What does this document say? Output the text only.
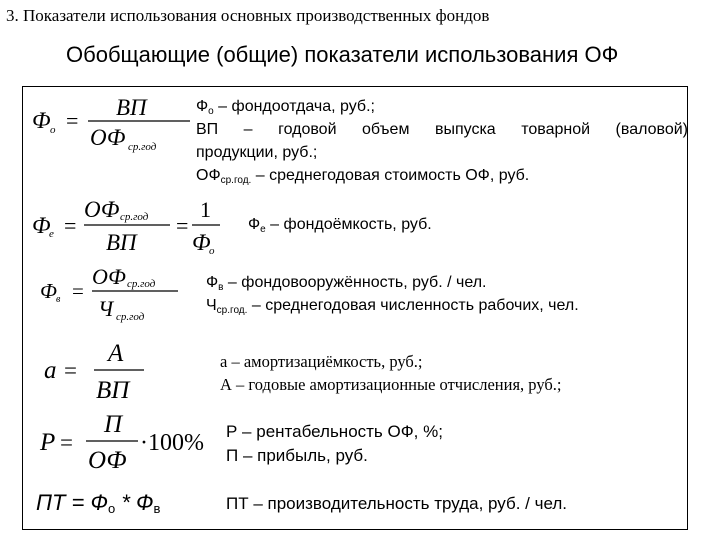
3. Показатели использования основных производственных фондов
Обобщающие (общие) показатели использования ОФ
Ф о =
ВП
ОФ ср.год
Ф
е =
ОФ ср.год
ВП
=
1
Ф
о
Ф в =
ОФ ср.год
Ч ср.год
a =
А
ВП
P =
П
ОФ
·100%
ПТ = $Ф_о * Ф_в$
$Ф_о$ – фондоотдача, руб.;
ВП – годовой объем выпуска товарной (валовой)
продукции, руб.;
$ОФ_{ср.год.}$ – среднегодовая стоимость ОФ, руб.
$Ф_е$ – фондоёмкость, руб.
$Ф_в$ – фондовооружённость, руб. / чел.
$Ч_{ср.год.}$ – среднегодовая численность рабочих, чел.
а – амортизациёмкость, руб.;
А – годовые амортизационные отчисления, руб.;
Р – рентабельность ОФ, %;
П – прибыль, руб.
ПТ – производительность труда, руб. / чел.
